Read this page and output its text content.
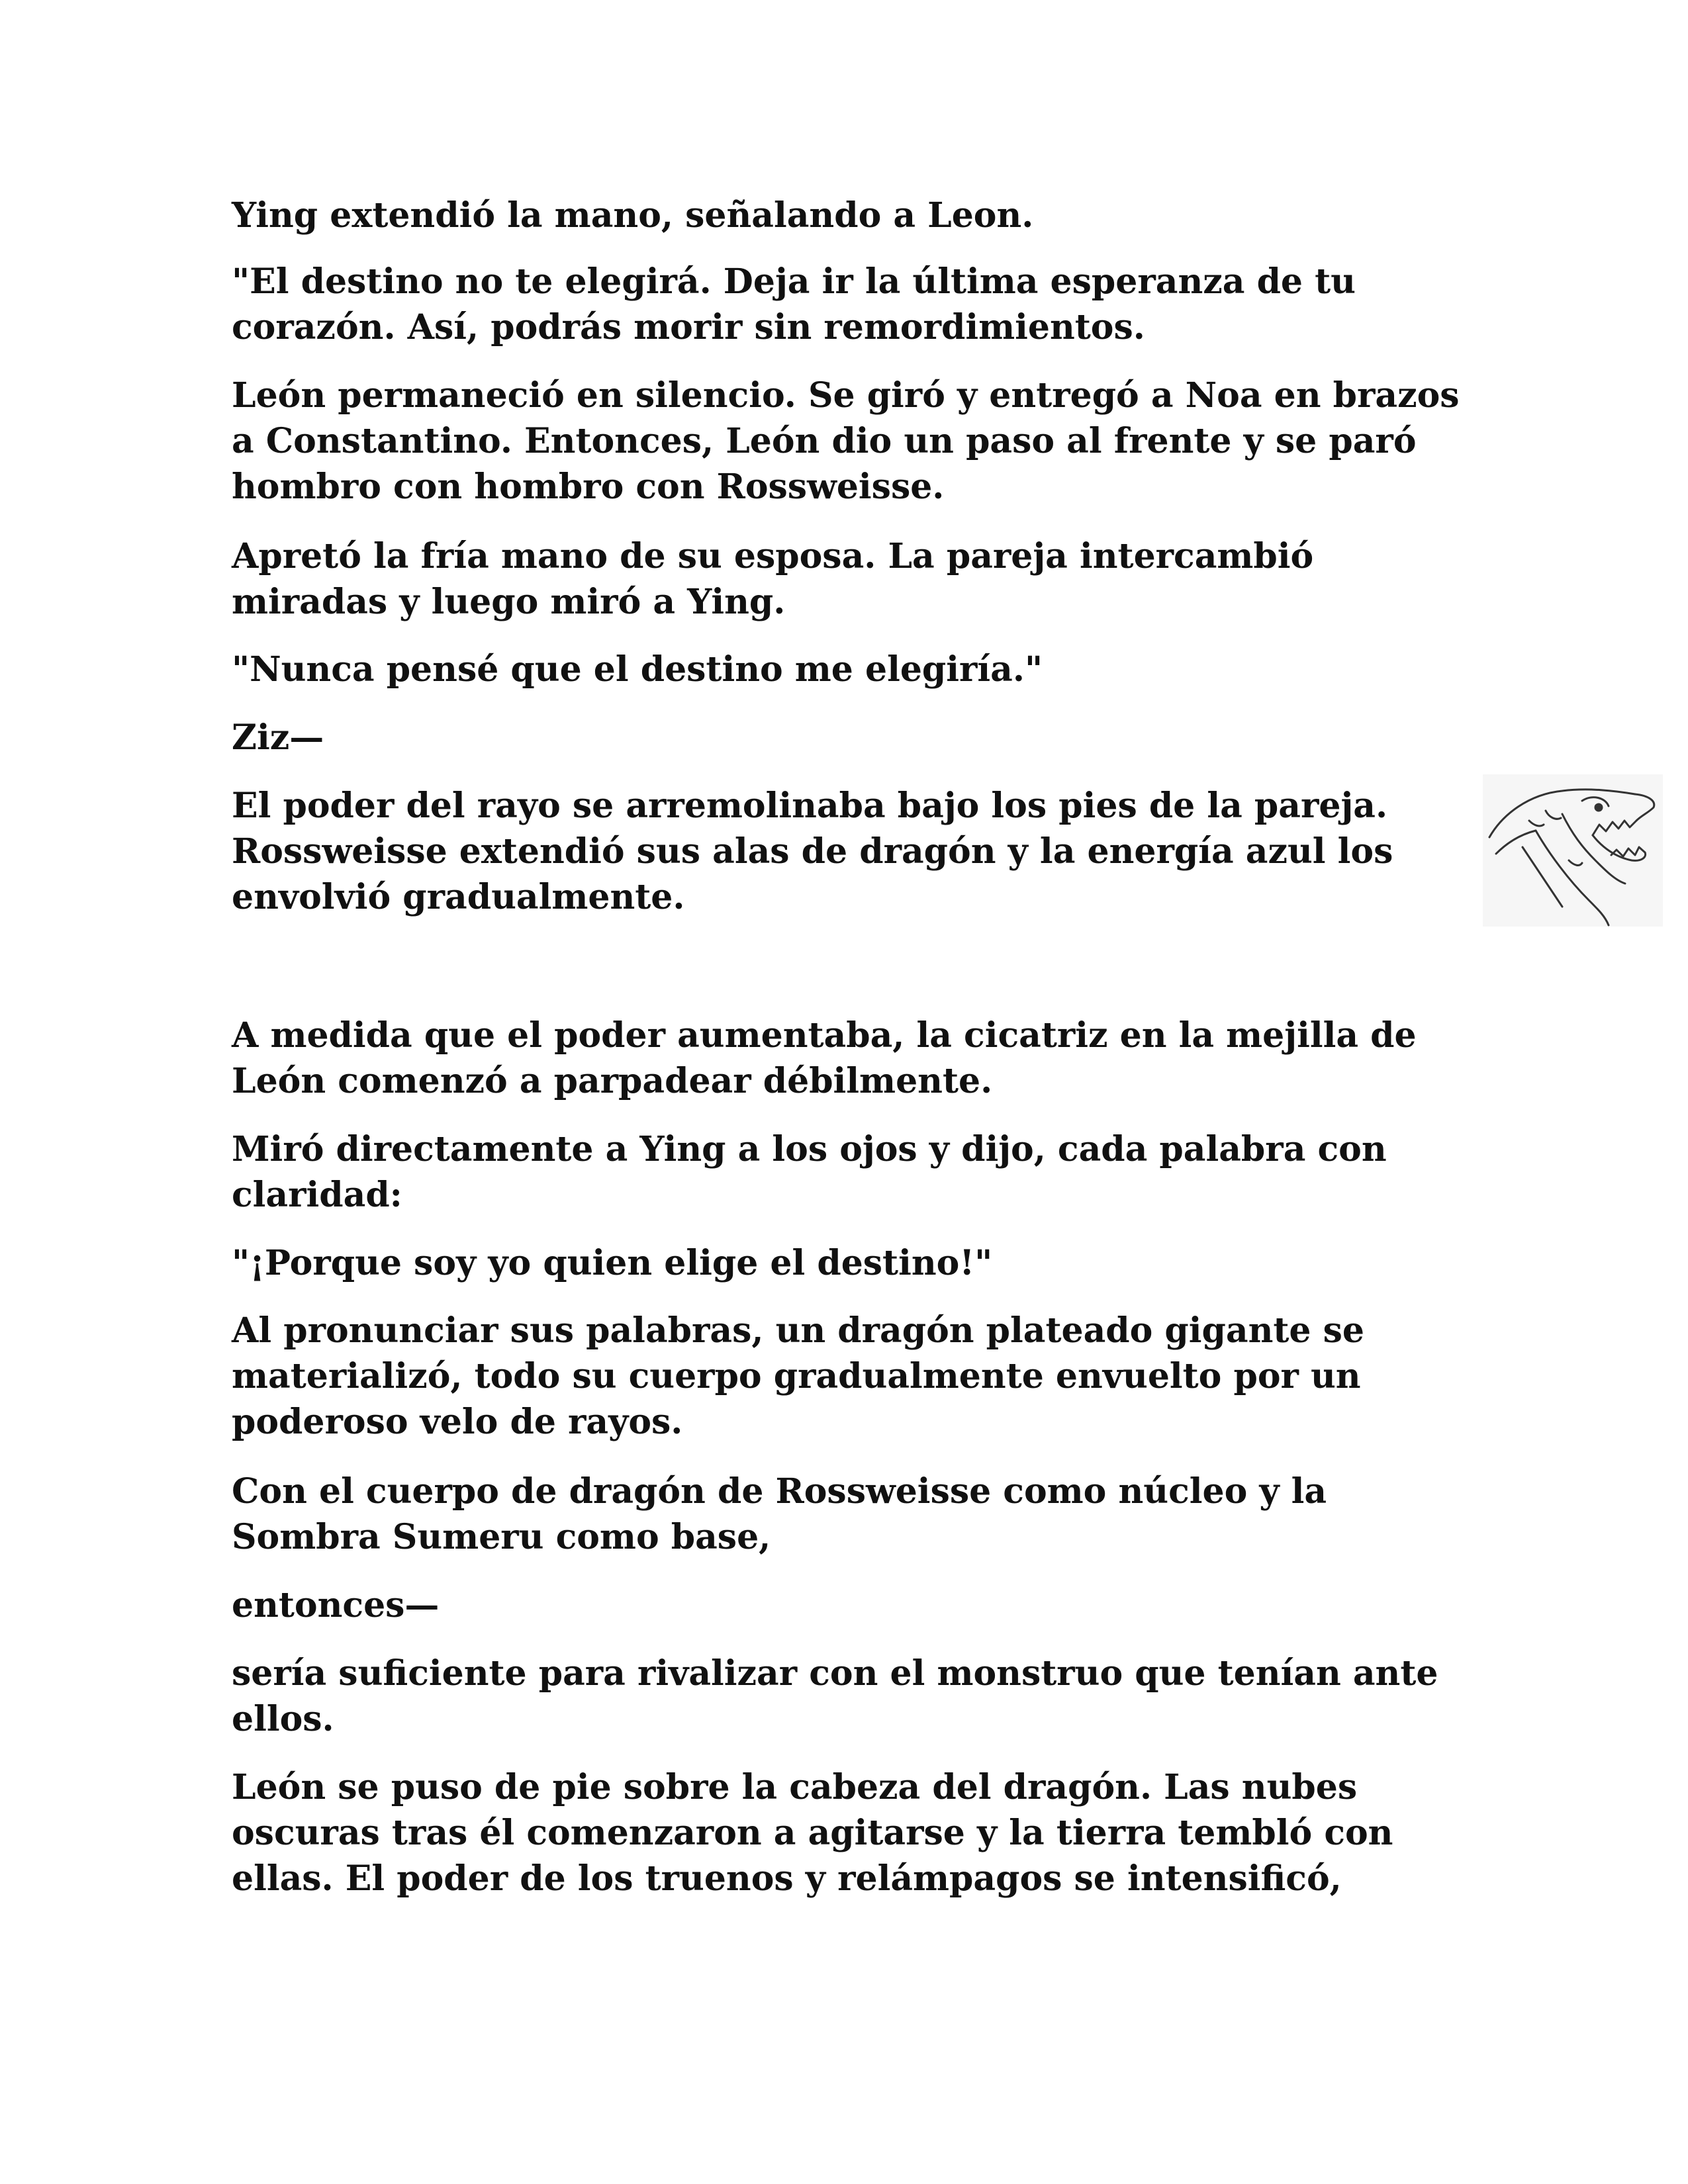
Ying extendió la mano, señalando a Leon.

"El destino no te elegirá. Deja ir la última esperanza de tu corazón. Así, podrás morir sin remordimientos.

León permaneció en silencio. Se giró y entregó a Noa en brazos a Constantino. Entonces, León dio un paso al frente y se paró hombro con hombro con Rossweisse.

Apretó la fría mano de su esposa. La pareja intercambió miradas y luego miró a Ying.

"Nunca pensé que el destino me elegiría."

Ziz—

El poder del rayo se arremolinaba bajo los pies de la pareja. Rossweisse extendió sus alas de dragón y la energía azul los envolvió gradualmente.

A medida que el poder aumentaba, la cicatriz en la mejilla de León comenzó a parpadear débilmente.

Miró directamente a Ying a los ojos y dijo, cada palabra con claridad:

"¡Porque soy yo quien elige el destino!"

Al pronunciar sus palabras, un dragón plateado gigante se materializó, todo su cuerpo gradualmente envuelto por un poderoso velo de rayos.

Con el cuerpo de dragón de Rossweisse como núcleo y la Sombra Sumeru como base,

entonces—

sería suficiente para rivalizar con el monstruo que tenían ante ellos.

León se puso de pie sobre la cabeza del dragón. Las nubes oscuras tras él comenzaron a agitarse y la tierra tembló con ellas. El poder de los truenos y relámpagos se intensificó,
